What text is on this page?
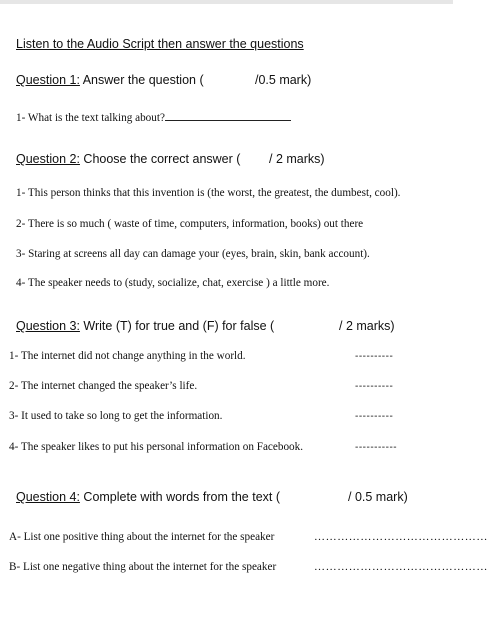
Listen to the Audio Script then answer the questions
Question 1: Answer the question (	/0.5 mark)
1- What is the text talking about?
Question 2: Choose the correct answer ( / 2 marks)
1- This person thinks that this invention is (the worst, the greatest, the dumbest, cool).
2- There is so much ( waste of time, computers, information, books) out there
3- Staring at screens all day can damage your (eyes, brain, skin, bank account).
4- The speaker needs to (study, socialize, chat, exercise ) a little more.
Question 3: Write (T) for true and (F) for false (	/ 2 marks)
1- The internet did not change anything in the world.	----------
2- The internet changed the speaker’s life.	----------
3- It used to take so long to get the information.	----------
4- The speaker likes to put his personal information on Facebook.	-----------
Question 4: Complete with words from the text (	/ 0.5 mark)
A- List one positive thing about the internet for the speaker	………………………………………
B- List one negative thing about the internet for the speaker	………………………………………
